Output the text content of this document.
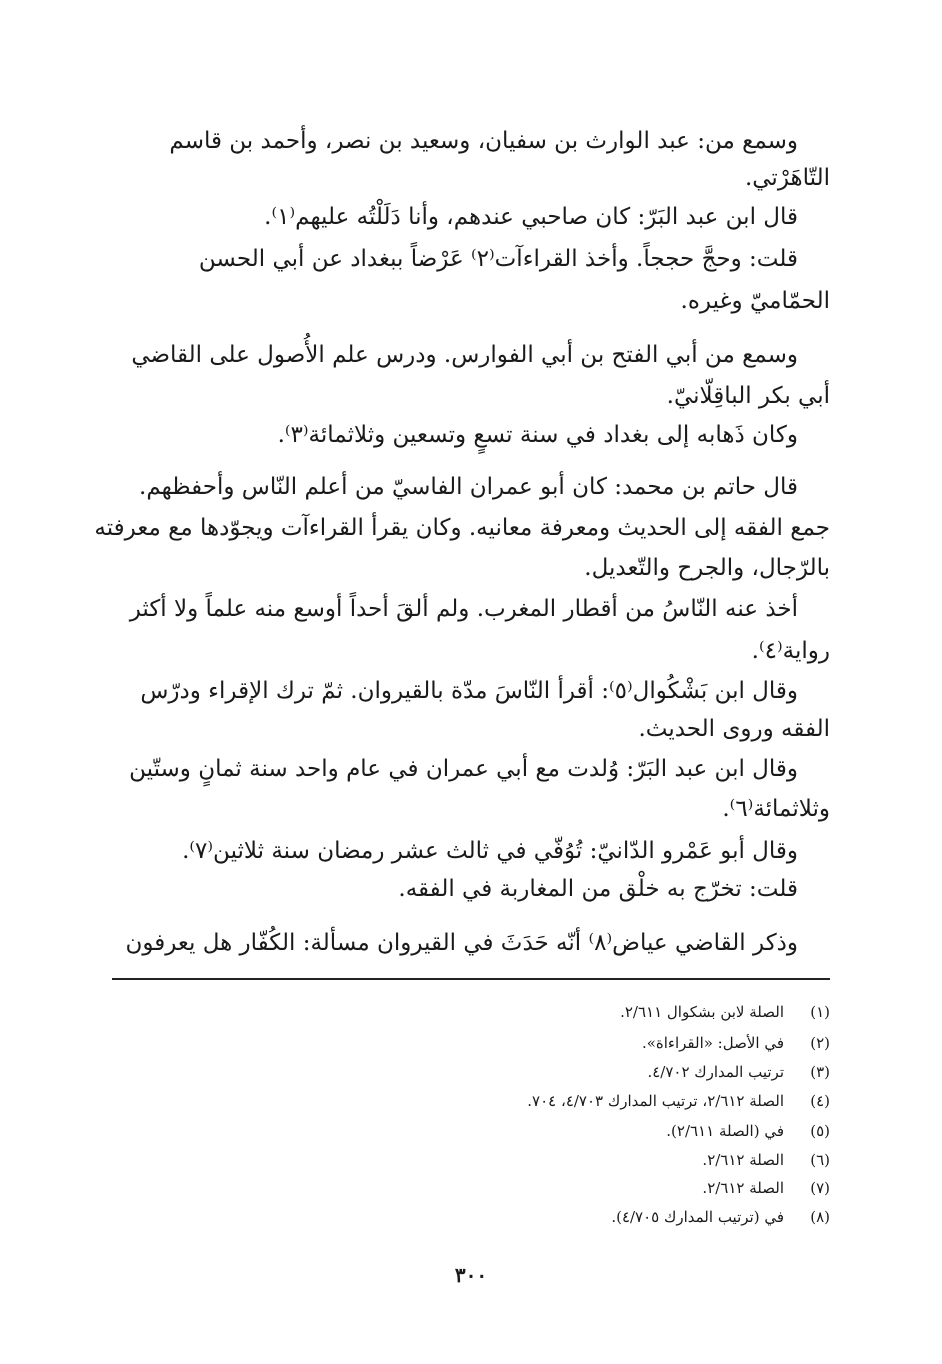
وسمع من: عبد الوارث بن سفيان، وسعيد بن نصر، وأحمد بن قاسم
التّاهَرْتي.
قال ابن عبد البَرّ: كان صاحبي عندهم، وأنا دَلَلْتُه عليهم⁽١⁾.
قلت: وحجَّ حججاً. وأخذ القراءآت⁽٢⁾ عَرْضاً ببغداد عن أبي الحسن
الحمّاميّ وغيره.
وسمع من أبي الفتح بن أبي الفوارس. ودرس علم الأُصول على القاضي
أبي بكر الباقِلّانيّ.
وكان ذَهابه إلى بغداد في سنة تسعٍ وتسعين وثلاثمائة⁽٣⁾.
قال حاتم بن محمد: كان أبو عمران الفاسيّ من أعلم النّاس وأحفظهم.
جمع الفقه إلى الحديث ومعرفة معانيه. وكان يقرأ القراءآت ويجوّدها مع معرفته
بالرّجال، والجرح والتّعديل.
أخذ عنه النّاسُ من أقطار المغرب. ولم ألقَ أحداً أوسع منه علماً ولا أكثر
رواية⁽٤⁾.
وقال ابن بَشْكُوال⁽٥⁾: أقرأ النّاسَ مدّة بالقيروان. ثمّ ترك الإقراء ودرّس
الفقه وروى الحديث.
وقال ابن عبد البَرّ: وُلدت مع أبي عمران في عام واحد سنة ثمانٍ وستّين
وثلاثمائة⁽٦⁾.
وقال أبو عَمْرو الدّانيّ: تُوُفّي في ثالث عشر رمضان سنة ثلاثين⁽٧⁾.
قلت: تخرّج به خلْق من المغاربة في الفقه.
وذكر القاضي عياض⁽٨⁾ أنّه حَدَثَ في القيروان مسألة: الكُفّار هل يعرفون
(١)
الصلة لابن بشكوال ٢/٦١١.
(٢)
في الأصل: «القراءاة».
(٣)
ترتيب المدارك ٤/٧٠٢.
(٤)
الصلة ٢/٦١٢، ترتيب المدارك ٤/٧٠٣، ٧٠٤.
(٥)
في (الصلة ٢/٦١١).
(٦)
الصلة ٢/٦١٢.
(٧)
الصلة ٢/٦١٢.
(٨)
في (ترتيب المدارك ٤/٧٠٥).
٣٠٠
